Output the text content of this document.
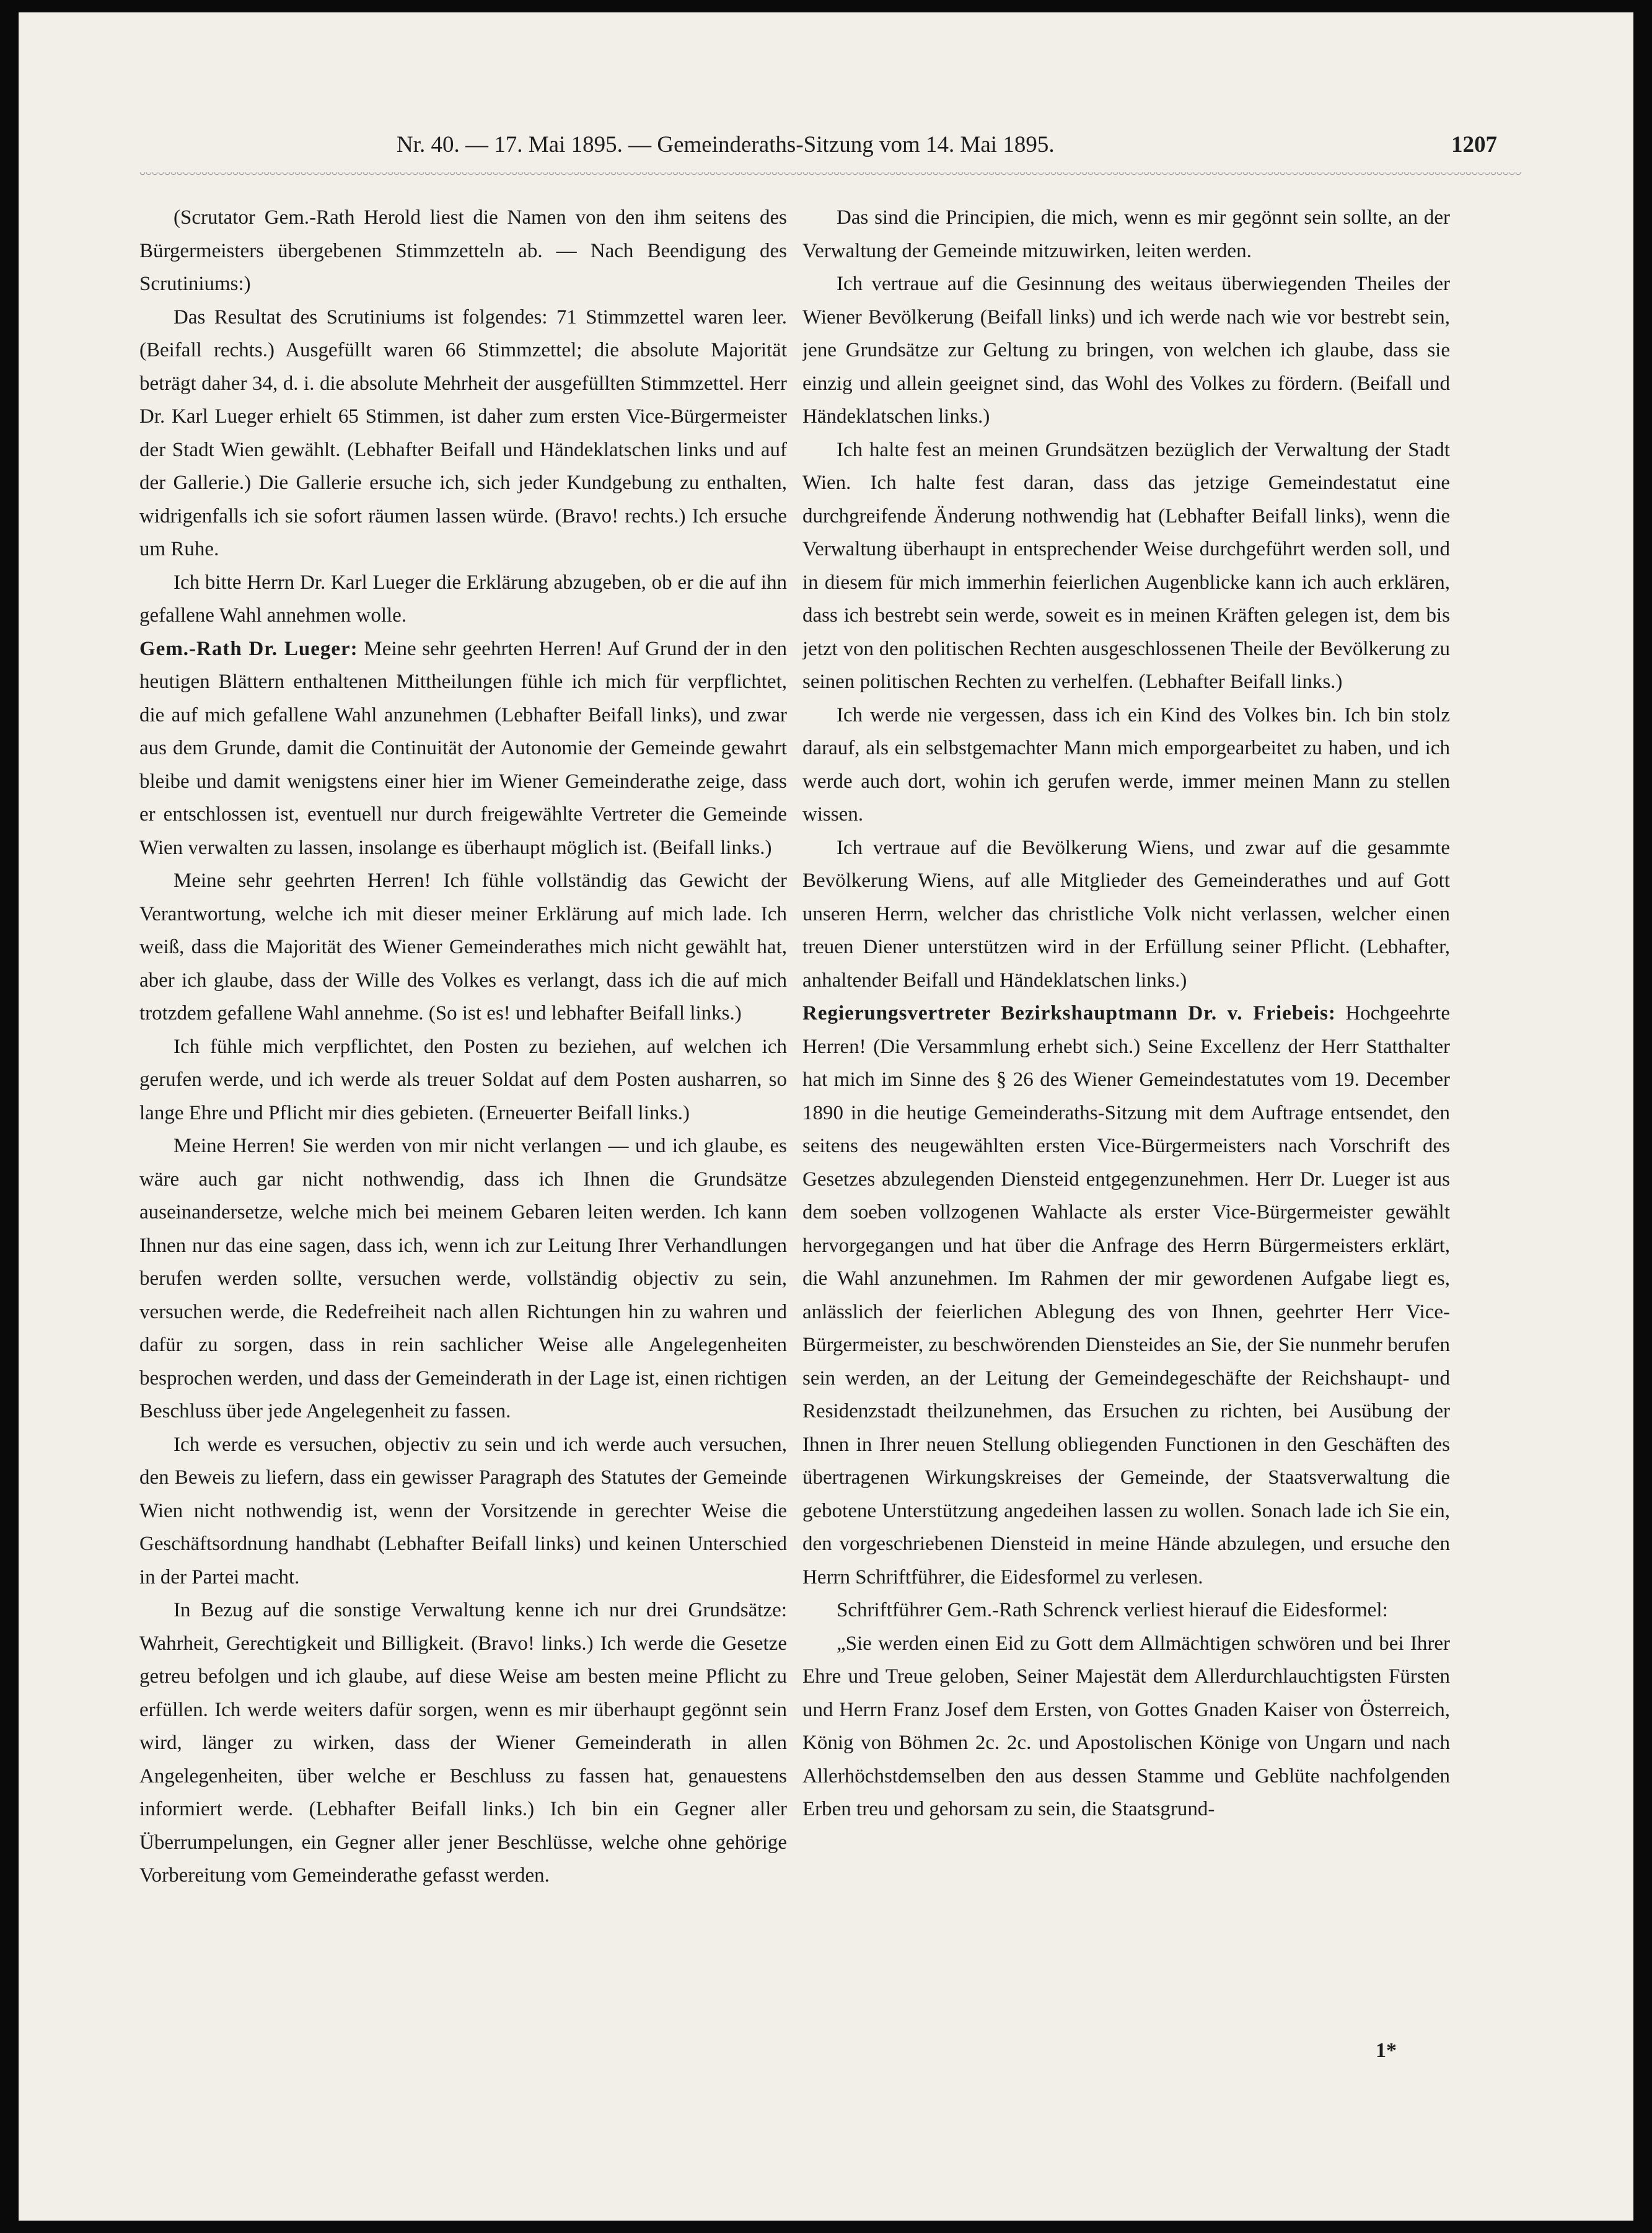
Nr. 40. — 17. Mai 1895. — Gemeinderaths-Sitzung vom 14. Mai 1895.	1207

(Scrutator Gem.-Rath Herold liest die Namen von den ihm seitens des Bürgermeisters übergebenen Stimmzetteln ab. — Nach Beendigung des Scrutiniums:)

Das Resultat des Scrutiniums ist folgendes: 71 Stimmzettel waren leer. (Beifall rechts.) Ausgefüllt waren 66 Stimmzettel; die absolute Majorität beträgt daher 34, d. i. die absolute Mehrheit der ausgefüllten Stimmzettel. Herr Dr. Karl Lueger erhielt 65 Stimmen, ist daher zum ersten Vice-Bürgermeister der Stadt Wien gewählt. (Lebhafter Beifall und Händeklatschen links und auf der Gallerie.) Die Gallerie ersuche ich, sich jeder Kundgebung zu enthalten, widrigenfalls ich sie sofort räumen lassen würde. (Bravo! rechts.) Ich ersuche um Ruhe.

Ich bitte Herrn Dr. Karl Lueger die Erklärung abzugeben, ob er die auf ihn gefallene Wahl annehmen wolle.

Gem.-Rath Dr. Lueger: Meine sehr geehrten Herren! Auf Grund der in den heutigen Blättern enthaltenen Mittheilungen fühle ich mich für verpflichtet, die auf mich gefallene Wahl anzunehmen (Lebhafter Beifall links), und zwar aus dem Grunde, damit die Continuität der Autonomie der Gemeinde gewahrt bleibe und damit wenigstens einer hier im Wiener Gemeinderathe zeige, dass er entschlossen ist, eventuell nur durch freigewählte Vertreter die Gemeinde Wien verwalten zu lassen, insolange es überhaupt möglich ist. (Beifall links.)

Meine sehr geehrten Herren! Ich fühle vollständig das Gewicht der Verantwortung, welche ich mit dieser meiner Erklärung auf mich lade. Ich weiß, dass die Majorität des Wiener Gemeinderathes mich nicht gewählt hat, aber ich glaube, dass der Wille des Volkes es verlangt, dass ich die auf mich trotzdem gefallene Wahl annehme. (So ist es! und lebhafter Beifall links.)

Ich fühle mich verpflichtet, den Posten zu beziehen, auf welchen ich gerufen werde, und ich werde als treuer Soldat auf dem Posten ausharren, so lange Ehre und Pflicht mir dies gebieten. (Erneuerter Beifall links.)

Meine Herren! Sie werden von mir nicht verlangen — und ich glaube, es wäre auch gar nicht nothwendig, dass ich Ihnen die Grundsätze auseinandersetze, welche mich bei meinem Gebaren leiten werden. Ich kann Ihnen nur das eine sagen, dass ich, wenn ich zur Leitung Ihrer Verhandlungen berufen werden sollte, versuchen werde, vollständig objectiv zu sein, versuchen werde, die Redefreiheit nach allen Richtungen hin zu wahren und dafür zu sorgen, dass in rein sachlicher Weise alle Angelegenheiten besprochen werden, und dass der Gemeinderath in der Lage ist, einen richtigen Beschluss über jede Angelegenheit zu fassen.

Ich werde es versuchen, objectiv zu sein und ich werde auch versuchen, den Beweis zu liefern, dass ein gewisser Paragraph des Statutes der Gemeinde Wien nicht nothwendig ist, wenn der Vorsitzende in gerechter Weise die Geschäftsordnung handhabt (Lebhafter Beifall links) und keinen Unterschied in der Partei macht.

In Bezug auf die sonstige Verwaltung kenne ich nur drei Grundsätze: Wahrheit, Gerechtigkeit und Billigkeit. (Bravo! links.) Ich werde die Gesetze getreu befolgen und ich glaube, auf diese Weise am besten meine Pflicht zu erfüllen. Ich werde weiters dafür sorgen, wenn es mir überhaupt gegönnt sein wird, länger zu wirken, dass der Wiener Gemeinderath in allen Angelegenheiten, über welche er Beschluss zu fassen hat, genauestens informiert werde. (Lebhafter Beifall links.) Ich bin ein Gegner aller Überrumpelungen, ein Gegner aller jener Beschlüsse, welche ohne gehörige Vorbereitung vom Gemeinderathe gefasst werden.

Das sind die Principien, die mich, wenn es mir gegönnt sein sollte, an der Verwaltung der Gemeinde mitzuwirken, leiten werden.

Ich vertraue auf die Gesinnung des weitaus überwiegenden Theiles der Wiener Bevölkerung (Beifall links) und ich werde nach wie vor bestrebt sein, jene Grundsätze zur Geltung zu bringen, von welchen ich glaube, dass sie einzig und allein geeignet sind, das Wohl des Volkes zu fördern. (Beifall und Händeklatschen links.)

Ich halte fest an meinen Grundsätzen bezüglich der Verwaltung der Stadt Wien. Ich halte fest daran, dass das jetzige Gemeindestatut eine durchgreifende Änderung nothwendig hat (Lebhafter Beifall links), wenn die Verwaltung überhaupt in entsprechender Weise durchgeführt werden soll, und in diesem für mich immerhin feierlichen Augenblicke kann ich auch erklären, dass ich bestrebt sein werde, soweit es in meinen Kräften gelegen ist, dem bis jetzt von den politischen Rechten ausgeschlossenen Theile der Bevölkerung zu seinen politischen Rechten zu verhelfen. (Lebhafter Beifall links.)

Ich werde nie vergessen, dass ich ein Kind des Volkes bin. Ich bin stolz darauf, als ein selbstgemachter Mann mich emporgearbeitet zu haben, und ich werde auch dort, wohin ich gerufen werde, immer meinen Mann zu stellen wissen.

Ich vertraue auf die Bevölkerung Wiens, und zwar auf die gesammte Bevölkerung Wiens, auf alle Mitglieder des Gemeinderathes und auf Gott unseren Herrn, welcher das christliche Volk nicht verlassen, welcher einen treuen Diener unterstützen wird in der Erfüllung seiner Pflicht. (Lebhafter, anhaltender Beifall und Händeklatschen links.)

Regierungsvertreter Bezirkshauptmann Dr. v. Friebeis: Hochgeehrte Herren! (Die Versammlung erhebt sich.) Seine Excellenz der Herr Statthalter hat mich im Sinne des § 26 des Wiener Gemeindestatutes vom 19. December 1890 in die heutige Gemeinderaths-Sitzung mit dem Auftrage entsendet, den seitens des neugewählten ersten Vice-Bürgermeisters nach Vorschrift des Gesetzes abzulegenden Diensteid entgegenzunehmen. Herr Dr. Lueger ist aus dem soeben vollzogenen Wahlacte als erster Vice-Bürgermeister gewählt hervorgegangen und hat über die Anfrage des Herrn Bürgermeisters erklärt, die Wahl anzunehmen. Im Rahmen der mir gewordenen Aufgabe liegt es, anlässlich der feierlichen Ablegung des von Ihnen, geehrter Herr Vice-Bürgermeister, zu beschwörenden Diensteides an Sie, der Sie nunmehr berufen sein werden, an der Leitung der Gemeindegeschäfte der Reichshaupt- und Residenzstadt theilzunehmen, das Ersuchen zu richten, bei Ausübung der Ihnen in Ihrer neuen Stellung obliegenden Functionen in den Geschäften des übertragenen Wirkungskreises der Gemeinde, der Staatsverwaltung die gebotene Unterstützung angedeihen lassen zu wollen. Sonach lade ich Sie ein, den vorgeschriebenen Diensteid in meine Hände abzulegen, und ersuche den Herrn Schriftführer, die Eidesformel zu verlesen.

Schriftführer Gem.-Rath Schrenck verliest hierauf die Eidesformel:

„Sie werden einen Eid zu Gott dem Allmächtigen schwören und bei Ihrer Ehre und Treue geloben, Seiner Majestät dem Allerdurchlauchtigsten Fürsten und Herrn Franz Josef dem Ersten, von Gottes Gnaden Kaiser von Österreich, König von Böhmen 2c. 2c. und Apostolischen Könige von Ungarn und nach Allerhöchstdemselben den aus dessen Stamme und Geblüte nachfolgenden Erben treu und gehorsam zu sein, die Staatsgrund-

1*
